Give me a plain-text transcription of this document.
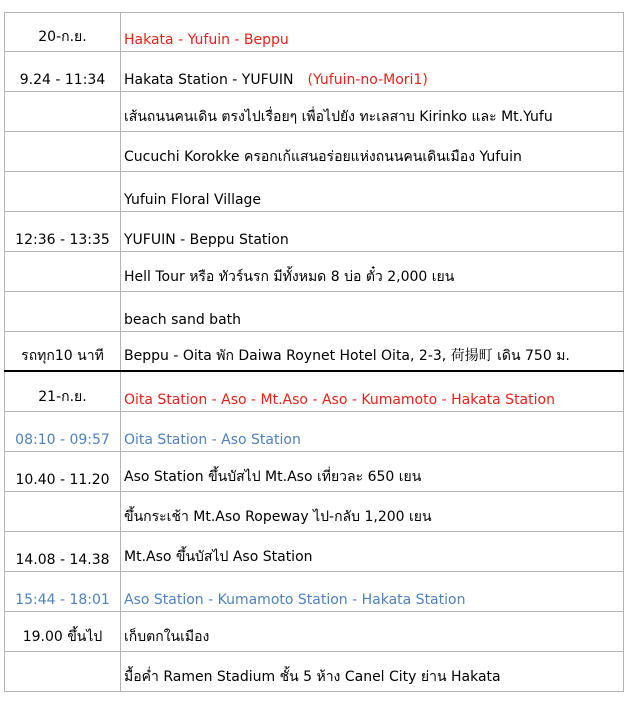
20-ก.ย.	Hakata - Yufuin - Beppu
9.24 - 11:34	Hakata Station - YUFUIN (Yufuin-no-Mori1)
เส้นถนนคนเดิน ตรงไปเรื่อยๆ เพื่อไปยัง ทะเลสาบ Kirinko และ Mt.Yufu
Cucuchi Korokke ครอกเก้แสนอร่อยแห่งถนนคนเดินเมือง Yufuin
Yufuin Floral Village
12:36 - 13:35	YUFUIN - Beppu Station
Hell Tour หรือ ทัวร์นรก มีทั้งหมด 8 บ่อ ตั๋ว 2,000 เยน
beach sand bath
รถทุก10 นาที	Beppu - Oita พัก Daiwa Roynet Hotel Oita, 2-3, 荷揚町 เดิน 750 ม.
21-ก.ย.	Oita Station - Aso - Mt.Aso - Aso - Kumamoto - Hakata Station
08:10 - 09:57	Oita Station - Aso Station
10.40 - 11.20	Aso Station ขึ้นบัสไป Mt.Aso เที่ยวละ 650 เยน
ขึ้นกระเช้า Mt.Aso Ropeway ไป-กลับ 1,200 เยน
14.08 - 14.38	Mt.Aso ขึ้นบัสไป Aso Station
15:44 - 18:01	Aso Station - Kumamoto Station - Hakata Station
19.00 ขึ้นไป	เก็บตกในเมือง
มื้อค่ำ Ramen Stadium ชั้น 5 ห้าง Canel City ย่าน Hakata
